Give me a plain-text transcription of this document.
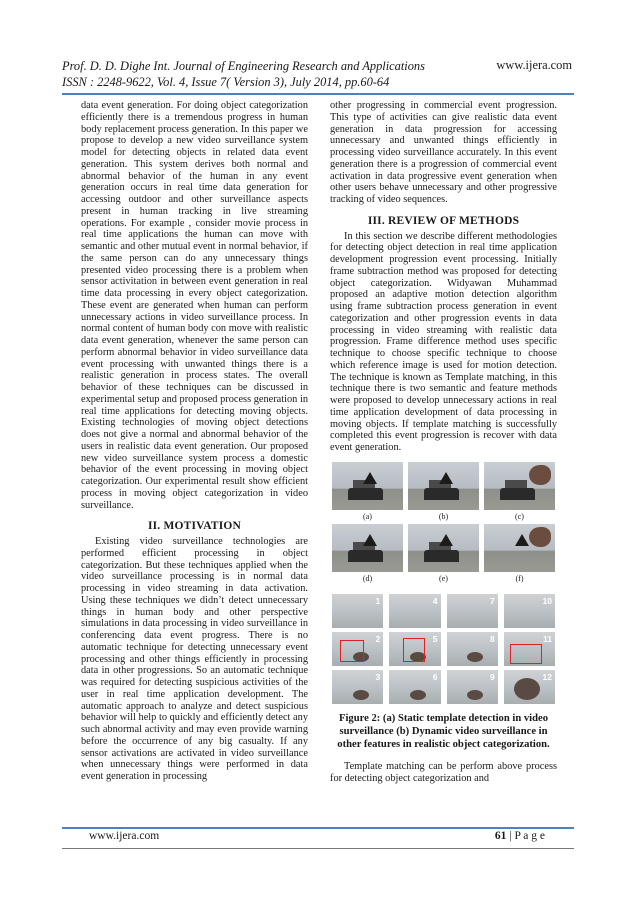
Prof. D. D. Dighe Int. Journal of Engineering Research and Applications
ISSN : 2248-9622, Vol. 4, Issue 7( Version 3), July 2014, pp.60-64
www.ijera.com

data event generation. For doing object categorization efficiently there is a tremendous progress in human body replacement process generation. In this paper we propose to develop a new video surveillance system model for detecting objects in related data event generation. This system derives both normal and abnormal behavior of the human in any event generation occurs in real time data generation for accessing outdoor and other surveillance aspects present in human tracking in live streaming operations. For example , consider movie process in real time applications the human can move with semantic and other mutual event in normal behavior, if the same person can do any unnecessary things presented video processing there is a problem when sensor activitation in between event generation in real time data processing in every object categorization. These event are generated when human can perform unnecessary actions in video surveillance process. In normal content of human body con move with realistic data event generation, whenever the same person can perform abnormal behavior in video surveillance data event processing with unwanted things there is a realistic generation in process states. The overall behavior of these techniques can be discussed in experimental setup and proposed process generation in real time applications for detecting moving objects. Existing technologies of moving object detections does not give a normal and abnormal behavior of the users in realistic data event generation. Our proposed new video surveillance system process a domestic behavior of the event processing in moving object categorization. Our experimental result show efficient process in moving object categorization in video surveillance.

II. MOTIVATION

Existing video surveillance technologies are performed efficient processing in object categorization. But these techniques applied when the video surveillance processing is in normal data processing in video streaming in data activation. Using these techniques we didn’t detect unnecessary things in human body and other perspective simulations in data processing in video surveillance in conferencing data event progress. There is no automatic technique for detecting unnecessary event processing and other things efficiently in processing data in other progressions. So an automatic technique was required for detecting suspicious activities of the user in real time application development. The automatic approach to analyze and detect suspicious behavior will help to quickly and efficiently detect any such abnormal activity and may even provide warning before the occurrence of any big casualty. If any sensor activations are activated in video surveillance when unnecessary things were performed in data event generation in processing

other progressing in commercial event progression. This type of activities can give realistic data event generation in data progression for accessing unnecessary and unwanted things efficiently in processing video surveillance accurately. In this event generation there is a progression of commercial event activation in data progressive event generation when other users behave unnecessary and other progressive tracking of video sequences.

III. REVIEW OF METHODS

In this section we describe different methodologies for detecting object detection in real time application development progression event processing. Initially frame subtraction method was proposed for detecting object categorization. Widyawan Muhammad proposed an adaptive motion detection algorithm using frame subtraction process generation in event categorization and other progression events in data processing in video streaming with realistic data progression. Frame difference method uses specific technique to choose specific technique to choose which reference image is used for motion detection. The technique is known as Template matching, in this technique there is two semantic and feature methods were proposed to develop unnecessary actions in real time application development of data processing in moving objects. If template matching is successfully completed this event progression is recover with data event generation.

(a)	(b)	(c)
(d)	(e)	(f)
1	4	7	10
2	5	8	11
3	6	9	12
Figure 2: (a) Static template detection in video surveillance (b) Dynamic video surveillance in other features in realistic object categorization.

Template matching can be perform above process for detecting object categorization and

www.ijera.com	61 | P a g e
